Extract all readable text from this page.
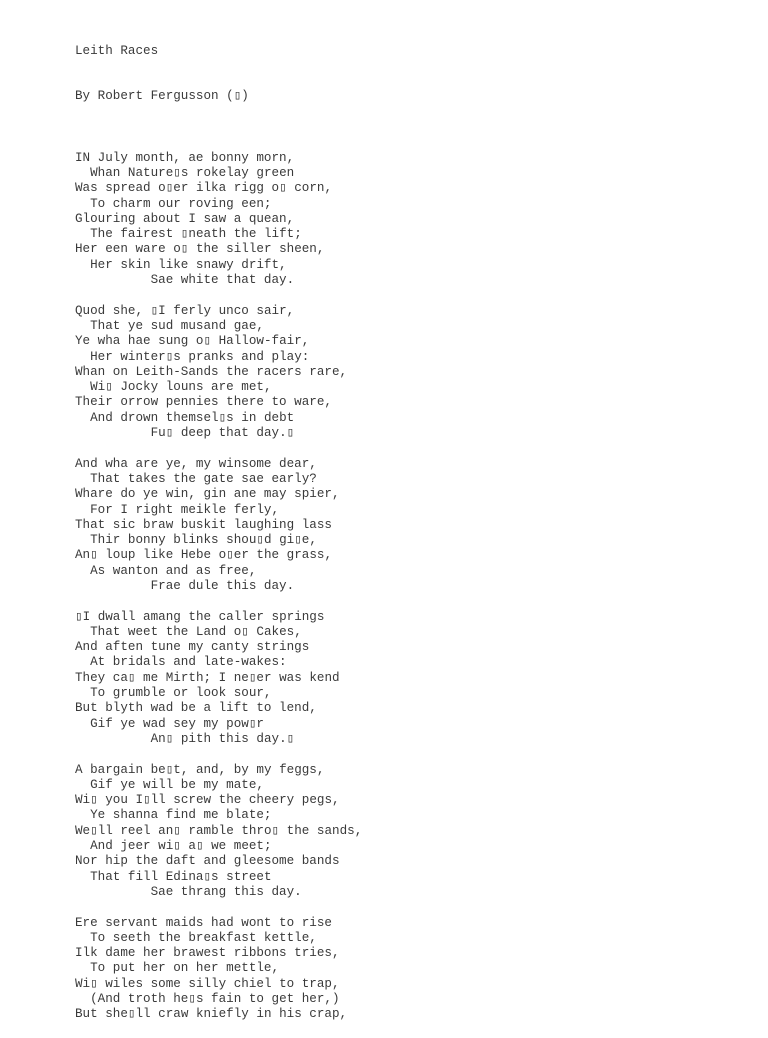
Leith Races

By Robert Fergusson (▯)

IN July month, ae bonny morn,
Whan Nature▯s rokelay green
Was spread o▯er ilka rigg o▯ corn,
To charm our roving een;
Glouring about I saw a quean,
The fairest ▯neath the lift;
Her een ware o▯ the siller sheen,
Her skin like snawy drift,
Sae white that day.
Quod she, ▯I ferly unco sair,
That ye sud musand gae,
Ye wha hae sung o▯ Hallow-fair,
Her winter▯s pranks and play:
Whan on Leith-Sands the racers rare,
Wi▯ Jocky louns are met,
Their orrow pennies there to ware,
And drown themsel▯s in debt
Fu▯ deep that day.▯
And wha are ye, my winsome dear,
That takes the gate sae early?
Whare do ye win, gin ane may spier,
For I right meikle ferly,
That sic braw buskit laughing lass
Thir bonny blinks shou▯d gi▯e,
An▯ loup like Hebe o▯er the grass,
As wanton and as free,
Frae dule this day.
▯I dwall amang the caller springs
That weet the Land o▯ Cakes,
And aften tune my canty strings
At bridals and late-wakes:
They ca▯ me Mirth; I ne▯er was kend
To grumble or look sour,
But blyth wad be a lift to lend,
Gif ye wad sey my pow▯r
An▯ pith this day.▯
A bargain be▯t, and, by my feggs,
Gif ye will be my mate,
Wi▯ you I▯ll screw the cheery pegs,
Ye shanna find me blate;
We▯ll reel an▯ ramble thro▯ the sands,
And jeer wi▯ a▯ we meet;
Nor hip the daft and gleesome bands
That fill Edina▯s street
Sae thrang this day.
Ere servant maids had wont to rise
To seeth the breakfast kettle,
Ilk dame her brawest ribbons tries,
To put her on her mettle,
Wi▯ wiles some silly chiel to trap,
(And troth he▯s fain to get her,)
But she▯ll craw kniefly in his crap,
